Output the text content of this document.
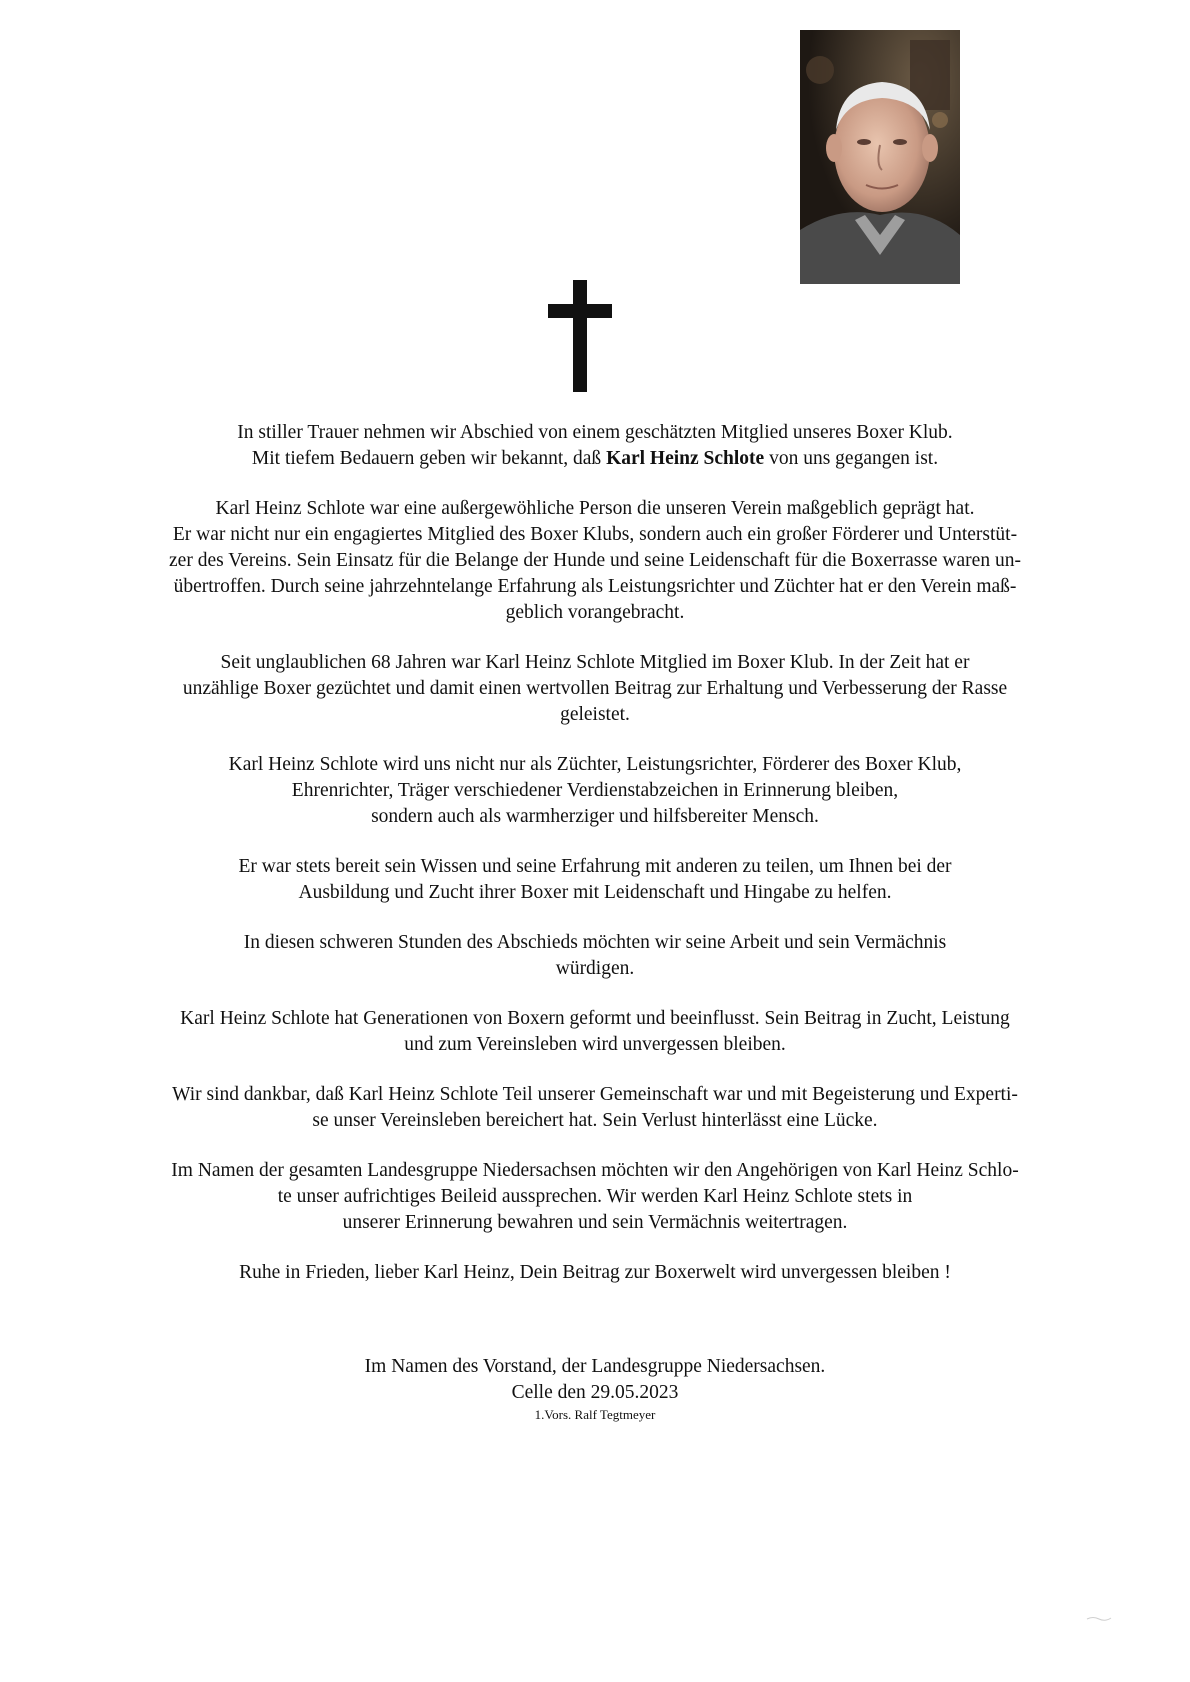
In stiller Trauer nehmen wir Abschied von einem geschätzten Mitglied unseres Boxer Klub.
Mit tiefem Bedauern geben wir bekannt, daß Karl Heinz Schlote von uns gegangen ist.
Karl Heinz Schlote war eine außergewöhliche Person die unseren Verein maßgeblich geprägt hat.
Er war nicht nur ein engagiertes Mitglied des Boxer Klubs, sondern auch ein großer Förderer und Unterstüt-
zer des Vereins. Sein Einsatz für die Belange der Hunde und seine Leidenschaft für die Boxerrasse waren un-
übertroffen. Durch seine jahrzehntelange Erfahrung als Leistungsrichter und Züchter hat er den Verein maß-
geblich vorangebracht.
Seit unglaublichen 68 Jahren war Karl Heinz Schlote Mitglied im Boxer Klub. In der Zeit hat er
unzählige Boxer gezüchtet und damit einen wertvollen Beitrag zur Erhaltung und Verbesserung der Rasse
geleistet.
Karl Heinz Schlote wird uns nicht nur als Züchter, Leistungsrichter, Förderer des Boxer Klub,
Ehrenrichter, Träger verschiedener Verdienstabzeichen in Erinnerung bleiben,
sondern auch als warmherziger und hilfsbereiter Mensch.
Er war stets bereit sein Wissen und seine Erfahrung mit anderen zu teilen, um Ihnen bei der
Ausbildung und Zucht ihrer Boxer mit Leidenschaft und Hingabe zu helfen.
In diesen schweren Stunden des Abschieds möchten wir seine Arbeit und sein Vermächnis
würdigen.
Karl Heinz Schlote hat Generationen von Boxern geformt und beeinflusst. Sein Beitrag in Zucht, Leistung
und zum Vereinsleben wird unvergessen bleiben.
Wir sind dankbar, daß Karl Heinz Schlote Teil unserer Gemeinschaft war und mit Begeisterung und Experti-
se unser Vereinsleben bereichert hat. Sein Verlust hinterlässt eine Lücke.
Im Namen der gesamten Landesgruppe Niedersachsen möchten wir den Angehörigen von Karl Heinz Schlo-
te unser aufrichtiges Beileid aussprechen. Wir werden Karl Heinz Schlote stets in
unserer Erinnerung bewahren und sein Vermächnis weitertragen.
Ruhe in Frieden, lieber Karl Heinz, Dein Beitrag zur Boxerwelt wird unvergessen bleiben !
Im Namen des Vorstand, der Landesgruppe Niedersachsen.
Celle den 29.05.2023
1.Vors. Ralf Tegtmeyer
